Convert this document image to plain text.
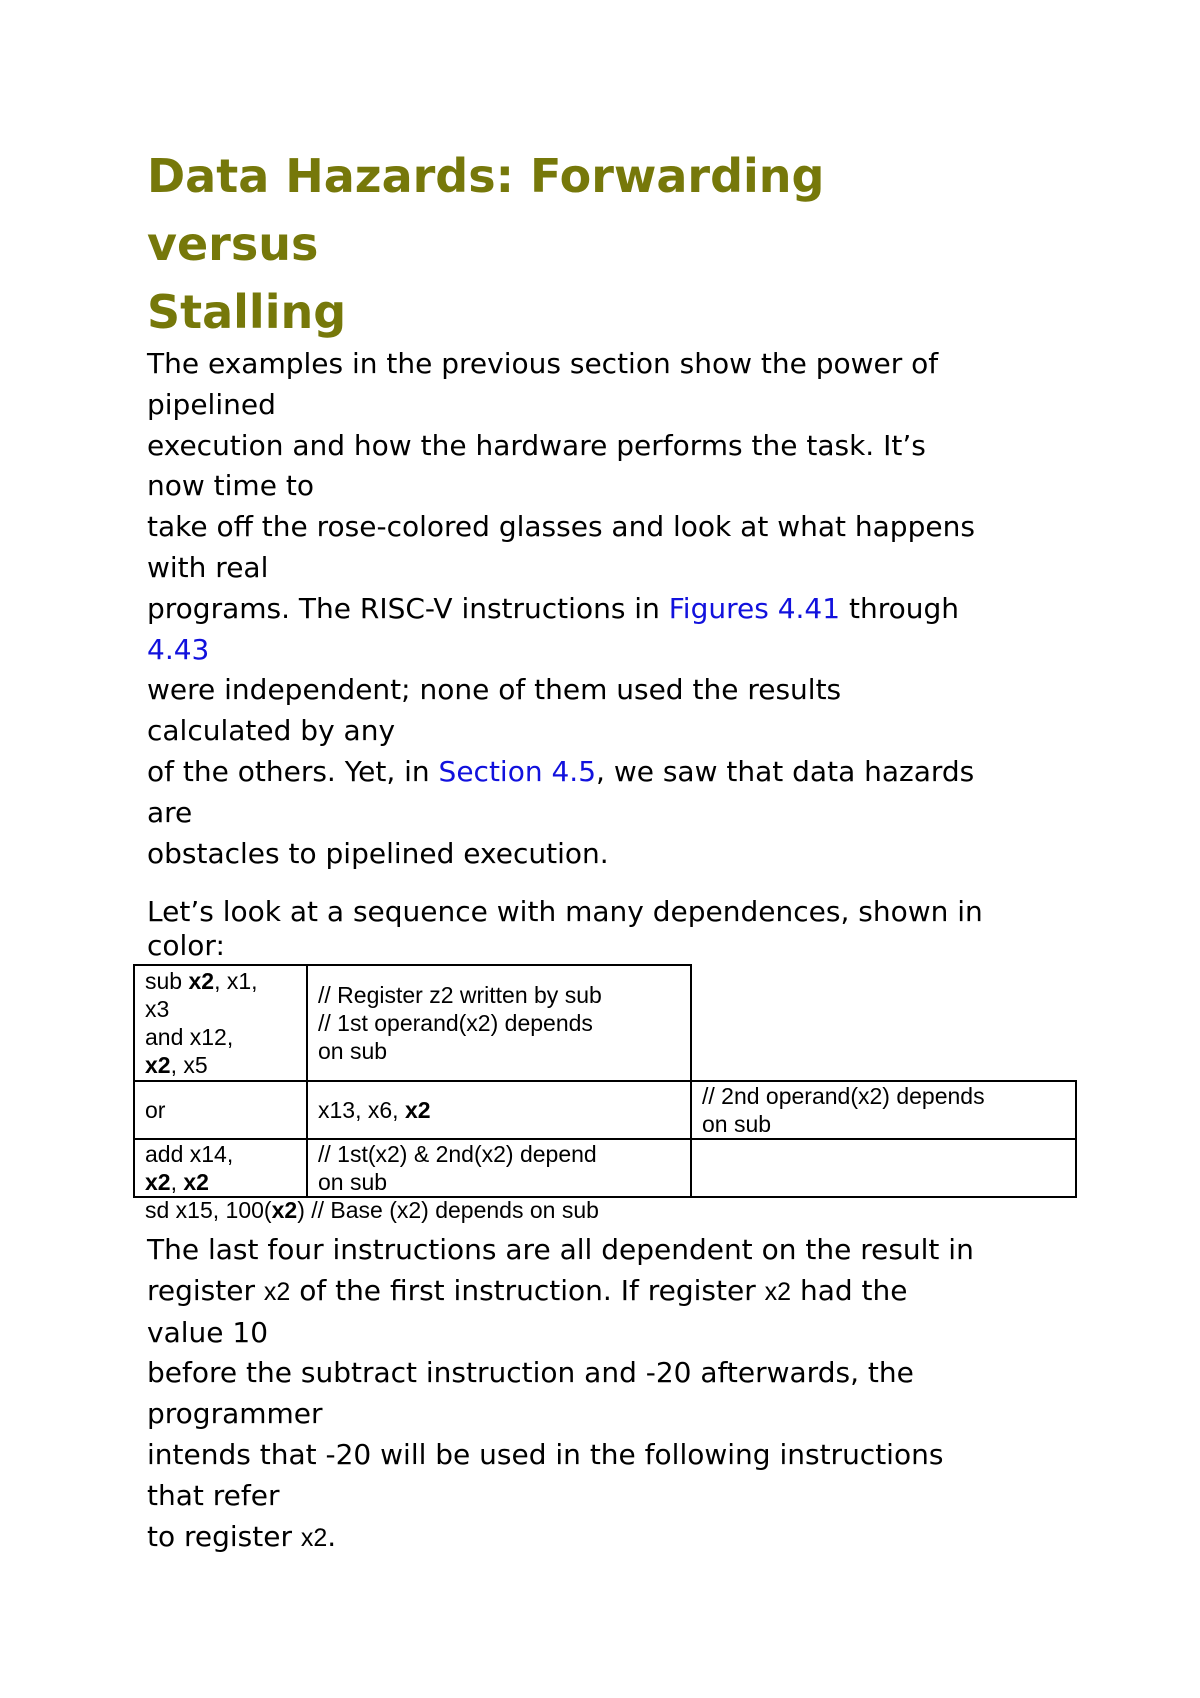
Data Hazards: Forwarding
versus
Stalling

The examples in the previous section show the power of
pipelined
execution and how the hardware performs the task. It’s
now time to
take off the rose-colored glasses and look at what happens
with real
programs. The RISC-V instructions in Figures 4.41 through
4.43
were independent; none of them used the results
calculated by any
of the others. Yet, in Section 4.5, we saw that data hazards
are
obstacles to pipelined execution.

Let’s look at a sequence with many dependences, shown in
color:

sub x2, x1,
x3
and x12,
x2, x5	// Register z2 written by sub
// 1st operand(x2) depends
on sub	

or	x13, x6, x2	// 2nd operand(x2) depends
on sub

add x14,
x2, x2	// 1st(x2) & 2nd(x2) depend
on sub	

sd x15, 100(x2) // Base (x2) depends on sub

The last four instructions are all dependent on the result in
register x2 of the first instruction. If register x2 had the
value 10
before the subtract instruction and -20 afterwards, the
programmer
intends that -20 will be used in the following instructions
that refer
to register x2.
